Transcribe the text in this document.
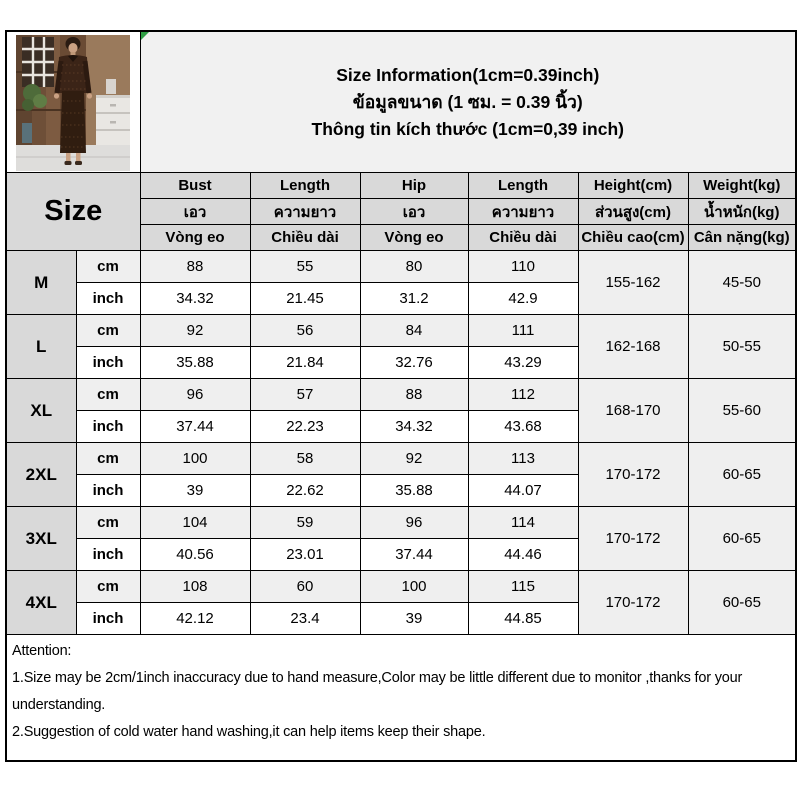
Size Information(1cm=0.39inch)
ข้อมูลขนาด (1 ซม. = 0.39 นิ้ว)
Thông tin kích thước (1cm=0,39 inch)					

Size		Bust	Length	Hip	Length	Height(cm)	Weight(kg)
		เอว	ความยาว	เอว	ความยาว	ส่วนสูง(cm)	น้ำหนัก(kg)
		Vòng eo	Chiều dài	Vòng eo	Chiều dài	Chiều cao(cm)	Cân nặng(kg)
M	cm	88	55	80	110	155-162	45-50
	inch	34.32	21.45	31.2	42.9		
L	cm	92	56	84	111	162-168	50-55
	inch	35.88	21.84	32.76	43.29		
XL	cm	96	57	88	112	168-170	55-60
	inch	37.44	22.23	34.32	43.68		
2XL	cm	100	58	92	113	170-172	60-65
	inch	39	22.62	35.88	44.07		
3XL	cm	104	59	96	114	170-172	60-65
	inch	40.56	23.01	37.44	44.46		
4XL	cm	108	60	100	115	170-172	60-65
	inch	42.12	23.4	39	44.85		

Attention:
1.Size may be 2cm/1inch inaccuracy due to hand measure,Color may be little different due to monitor ,thanks for your understanding.
2.Suggestion of cold water hand washing,it can help items keep their shape.							
